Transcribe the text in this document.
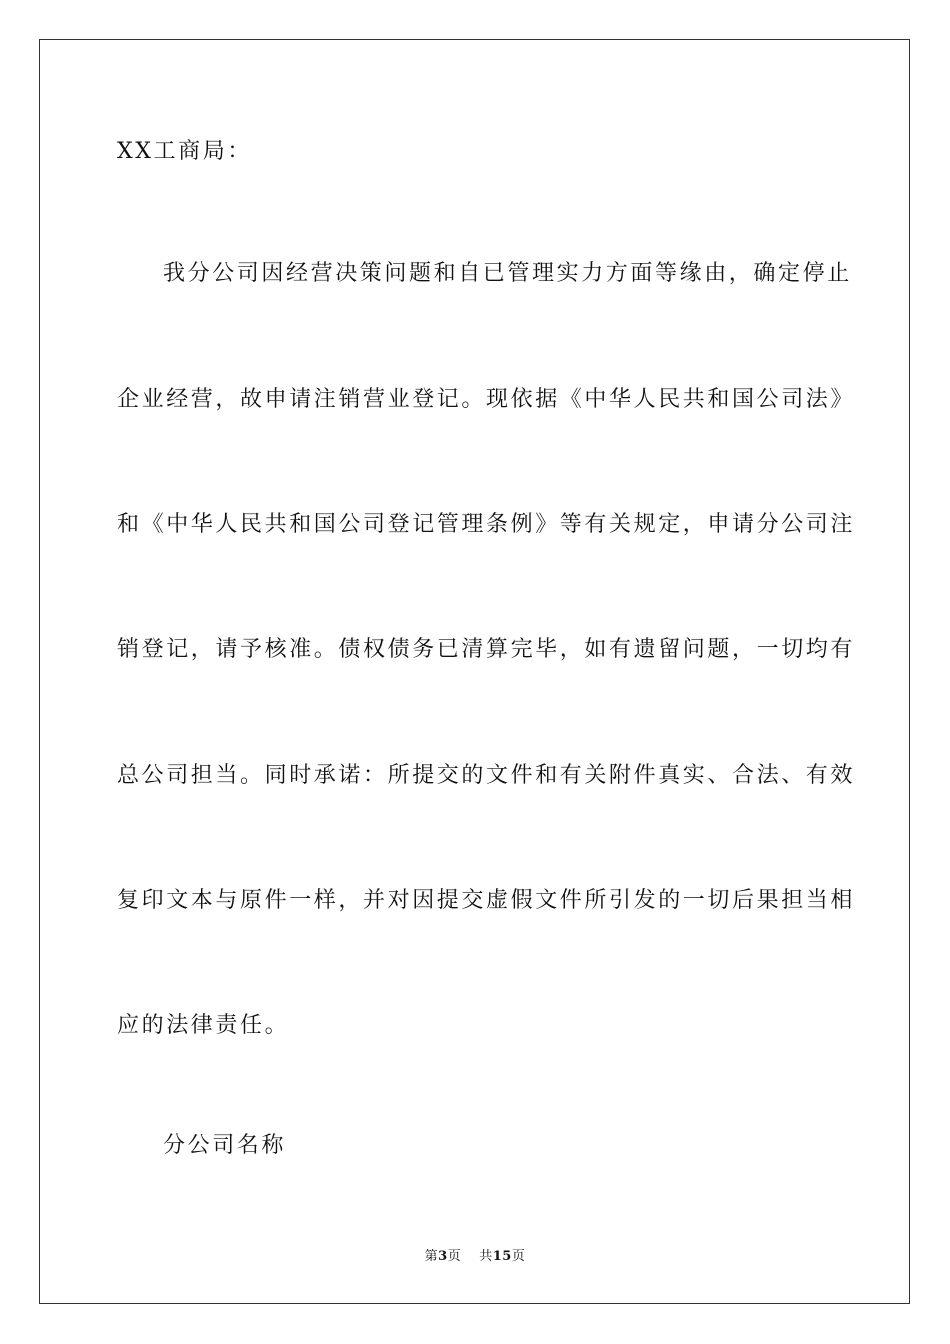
XX工商局：
我分公司因经营决策问题和自已管理实力方面等缘由，确定停止
企业经营，故申请注销营业登记。现依据《中华人民共和国公司法》
和《中华人民共和国公司登记管理条例》等有关规定，申请分公司注
销登记，请予核准。债权债务已清算完毕，如有遗留问题，一切均有
总公司担当。同时承诺：所提交的文件和有关附件真实、合法、有效
复印文本与原件一样，并对因提交虚假文件所引发的一切后果担当相
应的法律责任。
分公司名称
第3页 共15页
